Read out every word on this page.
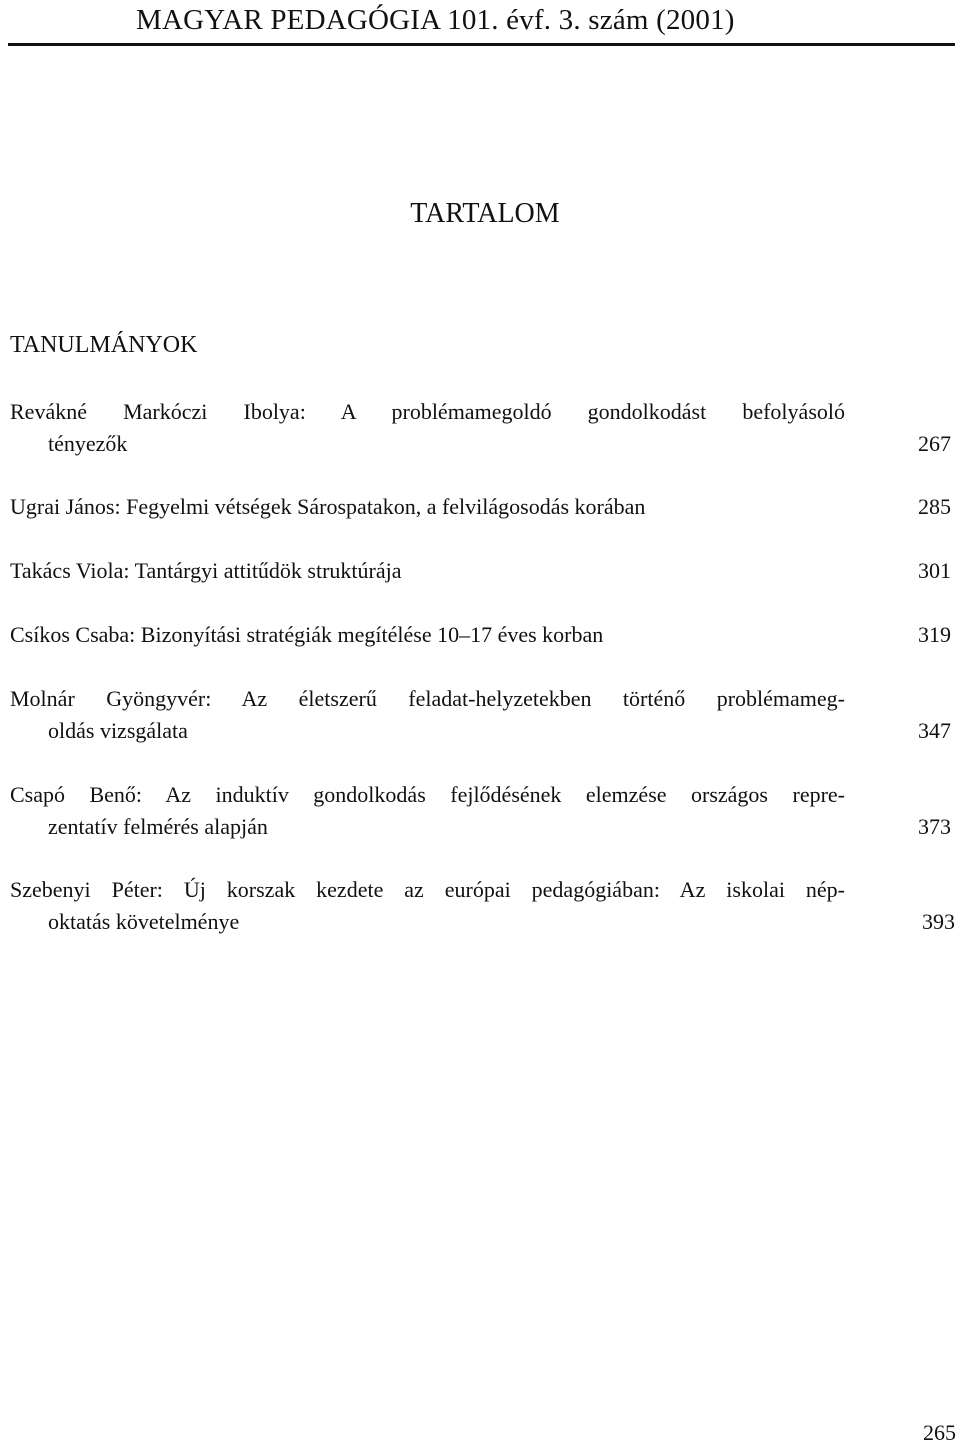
MAGYAR PEDAGÓGIA 101. évf. 3. szám (2001)
TARTALOM
TANULMÁNYOK
Revákné Markóczi Ibolya: A problémamegoldó gondolkodást befolyásoló
tényezők	267
Ugrai János: Fegyelmi vétségek Sárospatakon, a felvilágosodás korában	285
Takács Viola: Tantárgyi attitűdök struktúrája	301
Csíkos Csaba: Bizonyítási stratégiák megítélése 10–17 éves korban	319
Molnár Gyöngyvér: Az életszerű feladat-helyzetekben történő problémameg-
oldás vizsgálata	347
Csapó Benő: Az induktív gondolkodás fejlődésének elemzése országos repre-
zentatív felmérés alapján	373
Szebenyi Péter: Új korszak kezdete az európai pedagógiában: Az iskolai nép-
oktatás követelménye	393
265
